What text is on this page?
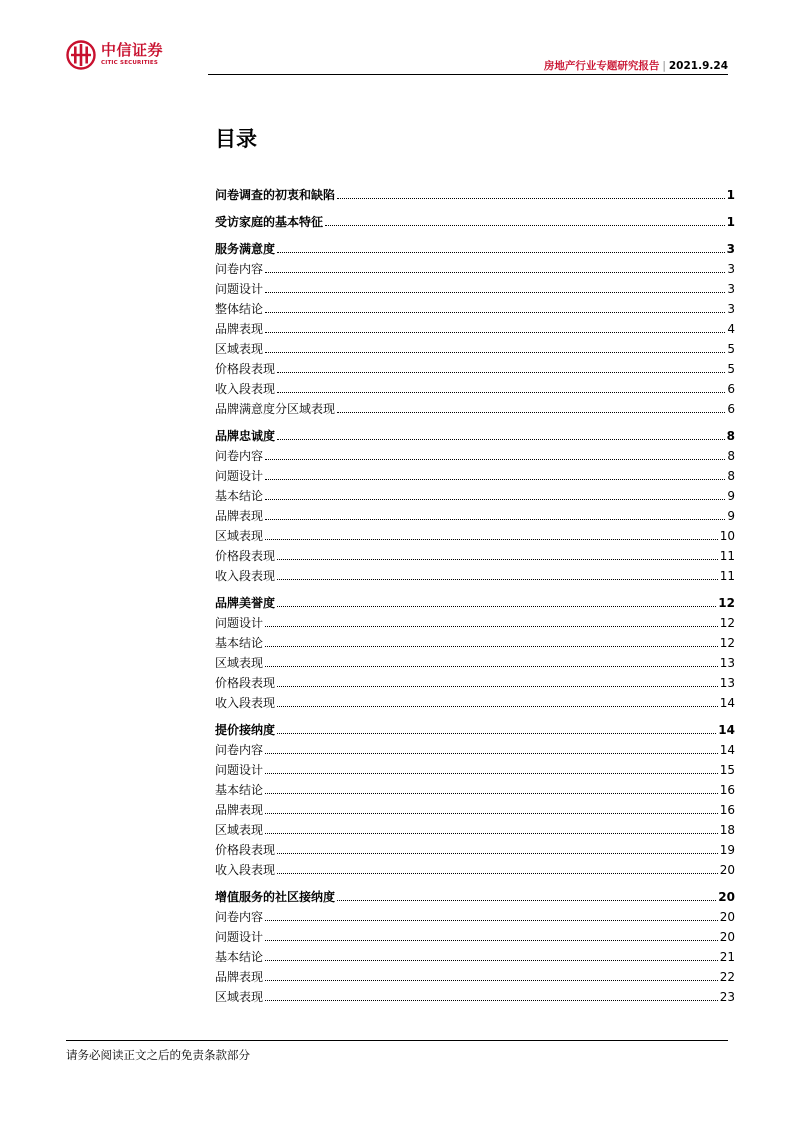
中信证券
CITIC SECURITIES	房地产行业专题研究报告 | 2021.9.24
目录
问卷调查的初衷和缺陷	1
受访家庭的基本特征	1
服务满意度	3
问卷内容	3
问题设计	3
整体结论	3
品牌表现	4
区域表现	5
价格段表现	5
收入段表现	6
品牌满意度分区域表现	6
品牌忠诚度	8
问卷内容	8
问题设计	8
基本结论	9
品牌表现	9
区域表现	10
价格段表现	11
收入段表现	11
品牌美誉度	12
问题设计	12
基本结论	12
区域表现	13
价格段表现	13
收入段表现	14
提价接纳度	14
问卷内容	14
问题设计	15
基本结论	16
品牌表现	16
区域表现	18
价格段表现	19
收入段表现	20
增值服务的社区接纳度	20
问卷内容	20
问题设计	20
基本结论	21
品牌表现	22
区域表现	23
请务必阅读正文之后的免责条款部分
